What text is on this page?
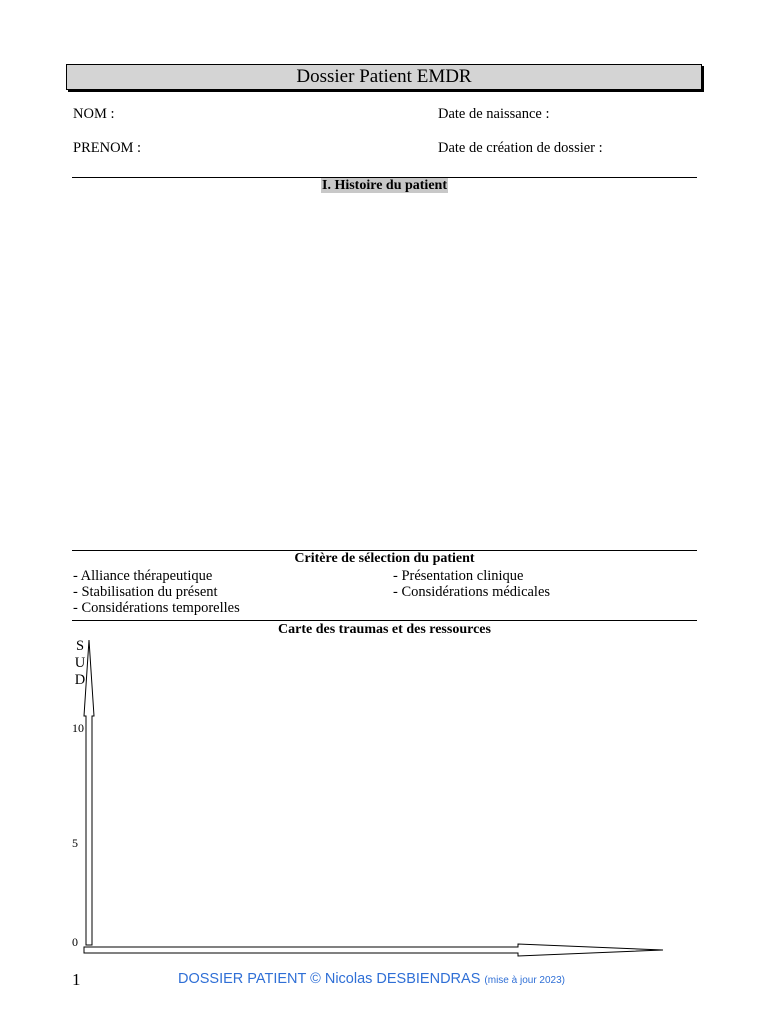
Dossier Patient EMDR
NOM :	Date de naissance :
PRENOM :	Date de création de dossier :
I. Histoire du patient
Critère de sélection du patient
- Alliance thérapeutique
- Stabilisation du présent
- Considérations temporelles
- Présentation clinique
- Considérations médicales
Carte des traumas et des ressources
S
U
D
10
5
0
1	DOSSIER PATIENT © Nicolas DESBIENDRAS (mise à jour 2023)
